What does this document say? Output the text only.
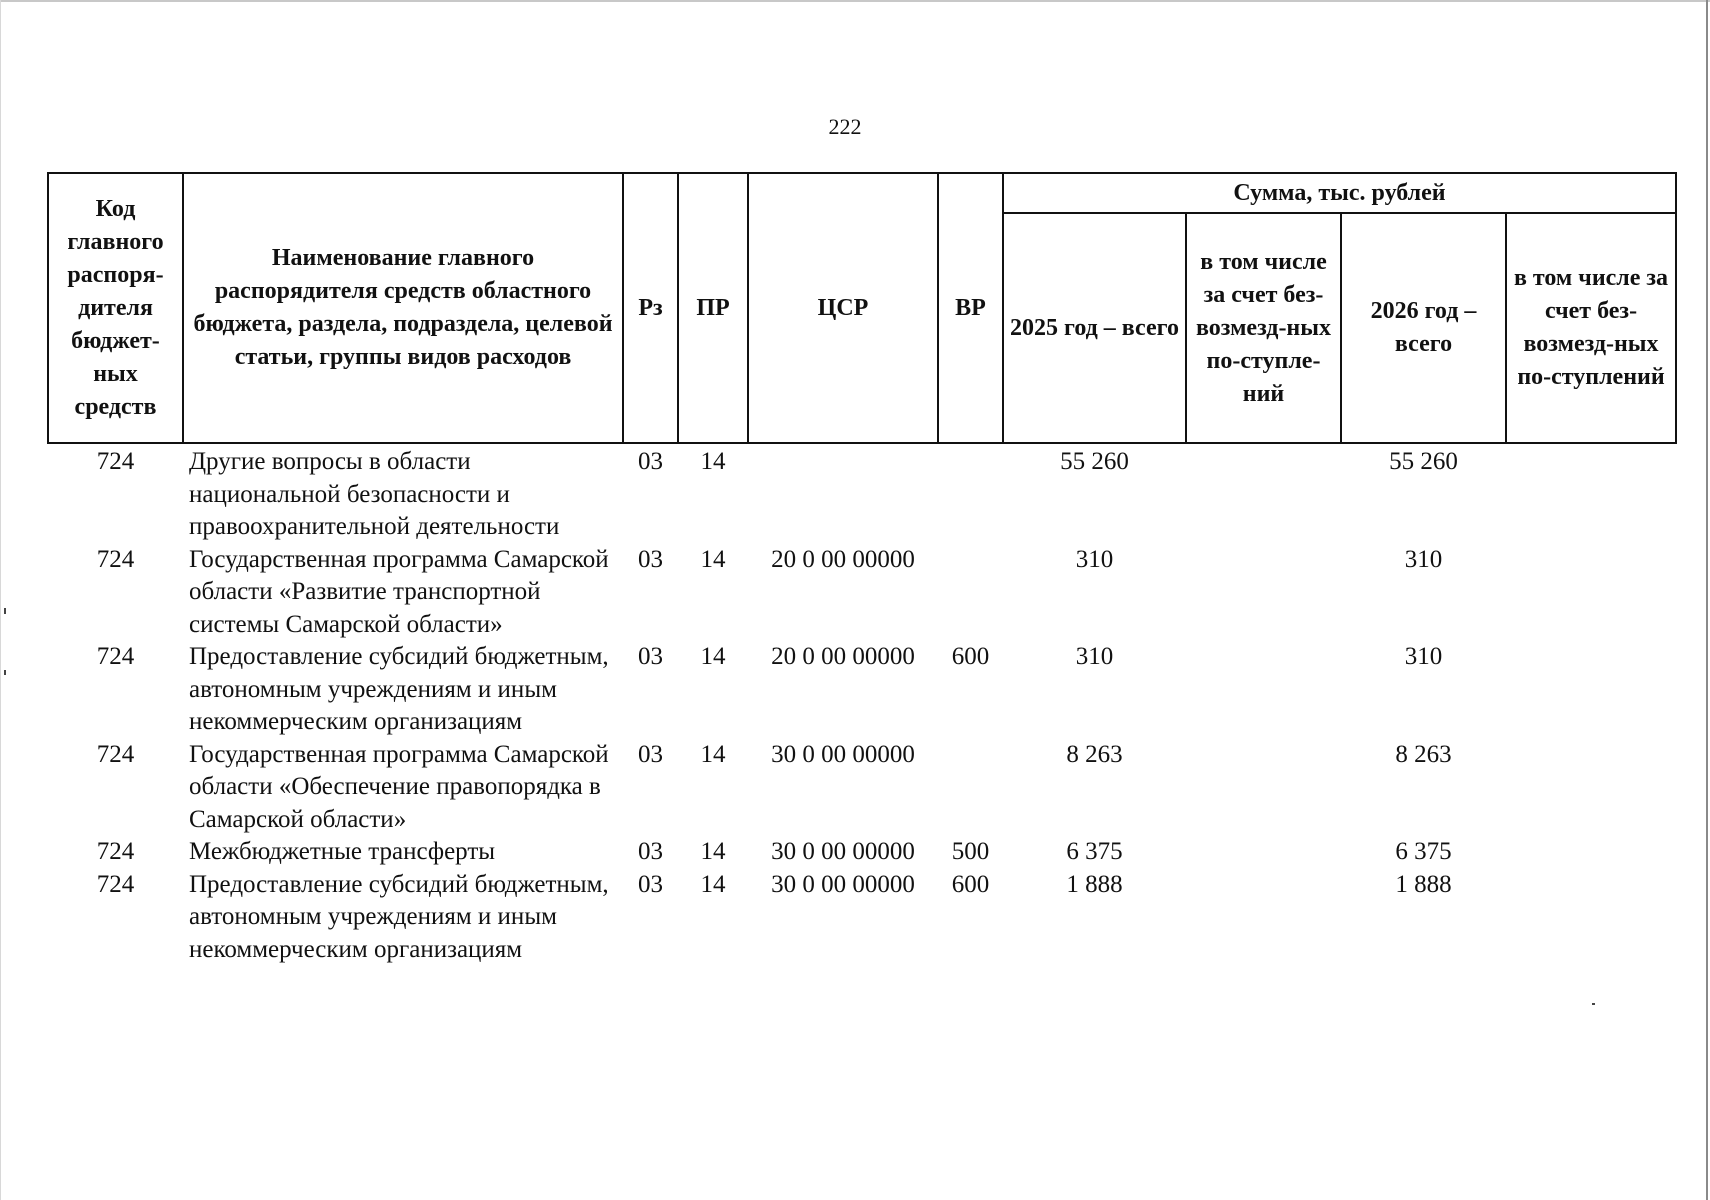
222
Код главного распоря-дителя бюджет-ных средств	Наименование главного распорядителя средств областного бюджета, раздела, подраздела, целевой статьи, группы видов расходов	Рз	ПР	ЦСР	ВР	Сумма, тыс. рублей			
						2025 год – всего	в том числе за счет без-возмезд-ных по-ступле-ний	2026 год – всего	в том числе за счет без-возмезд-ных по-ступлений
724	Другие вопросы в области национальной безопасности и правоохранительной деятельности	03	14			55 260		55 260	
724	Государственная программа Самарской области «Развитие транспортной системы Самарской области»	03	14	20 0 00 00000		310		310	
724	Предоставление субсидий бюджетным, автономным учреждениям и иным некоммерческим организациям	03	14	20 0 00 00000	600	310		310	
724	Государственная программа Самарской области «Обеспечение правопорядка в Самарской области»	03	14	30 0 00 00000		8 263		8 263	
724	Межбюджетные трансферты	03	14	30 0 00 00000	500	6 375		6 375	
724	Предоставление субсидий бюджетным, автономным учреждениям и иным некоммерческим организациям	03	14	30 0 00 00000	600	1 888		1 888	
